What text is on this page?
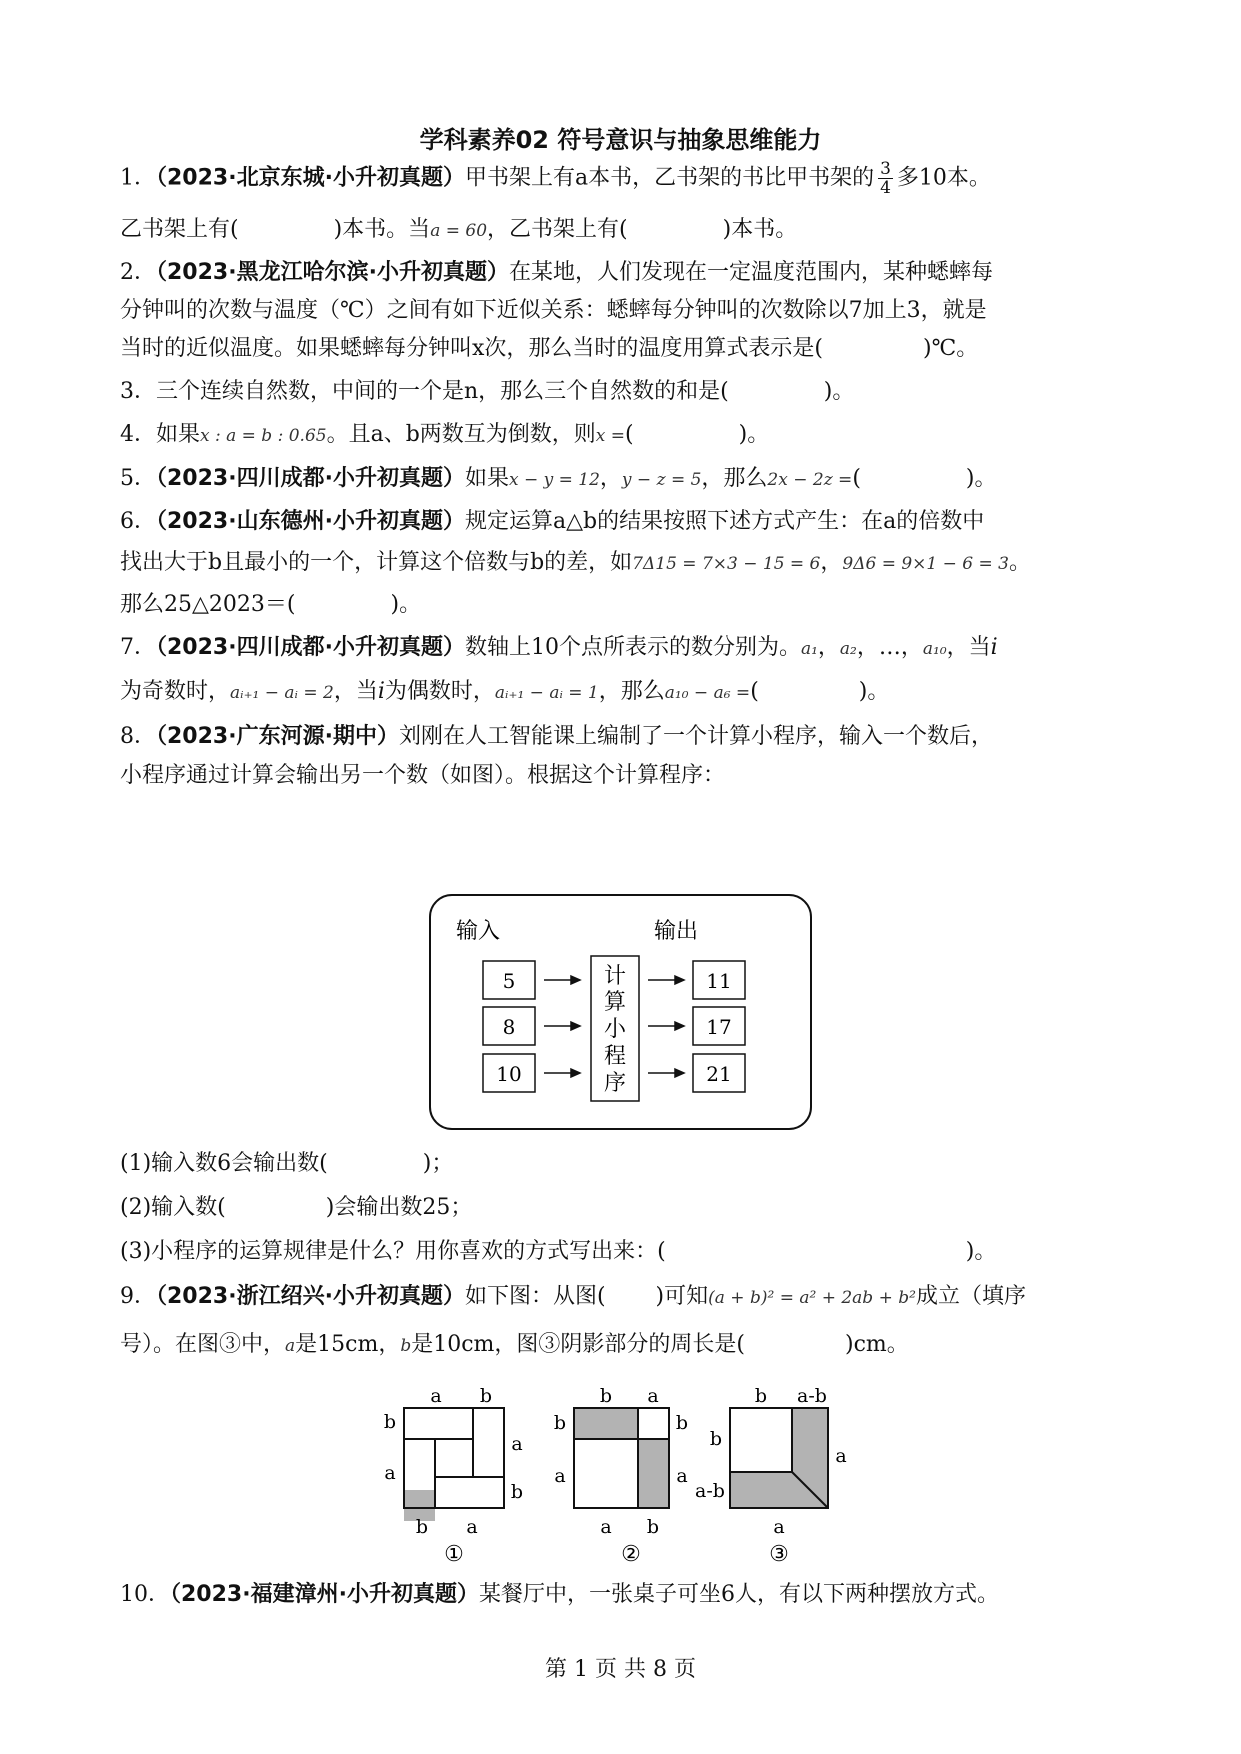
学科素养02 符号意识与抽象思维能力
1．（2023·北京东城·小升初真题）甲书架上有a本书，乙书架的书比甲书架的 $\frac{3}{4}$ 多10本。
乙书架上有(	)本书。当a = 60，乙书架上有(	)本书。
2．（2023·黑龙江哈尔滨·小升初真题）在某地，人们发现在一定温度范围内，某种蟋蟀每
分钟叫的次数与温度（℃）之间有如下近似关系：蟋蟀每分钟叫的次数除以7加上3，就是
当时的近似温度。如果蟋蟀每分钟叫x次，那么当时的温度用算式表示是(	)℃。
3．三个连续自然数，中间的一个是n，那么三个自然数的和是(	)。
4．如果x : a = b : 0.65。且a、b两数互为倒数，则x =(	)。
5．（2023·四川成都·小升初真题）如果x − y = 12，y − z = 5，那么2x − 2z =(	)。
6．（2023·山东德州·小升初真题）规定运算a△b的结果按照下述方式产生：在a的倍数中
找出大于b且最小的一个，计算这个倍数与b的差，如7Δ15 = 7×3 − 15 = 6，9Δ6 = 9×1 − 6 = 3。
那么25△2023＝(	)。
7．（2023·四川成都·小升初真题）数轴上10个点所表示的数分别为。a₁，a₂，…，a₁₀，当i
为奇数时，aᵢ₊₁ − aᵢ = 2，当i为偶数时，aᵢ₊₁ − aᵢ = 1，那么a₁₀ − a₆ =(	)。
8．（2023·广东河源·期中）刘刚在人工智能课上编制了一个计算小程序，输入一个数后，
小程序通过计算会输出另一个数（如图）。根据这个计算程序：
输入	输出
5
8
10
计
算
小
程
序
11
17
21
(1)输入数6会输出数(	)；
(2)输入数(	)会输出数25；
(3)小程序的运算规律是什么？用你喜欢的方式写出来：(	)。
9．（2023·浙江绍兴·小升初真题）如下图：从图( )可知(a + b)² = a² + 2ab + b²成立（填序
号）。在图③中，a是15cm，b是10cm，图③阴影部分的周长是(	)cm。
a b
b
a
a
b
b a
①
b a
b
a
b
a
a b
②
b a-b
b
a-b
a
a
③
10．（2023·福建漳州·小升初真题）某餐厅中，一张桌子可坐6人，有以下两种摆放方式。
第 1 页 共 8 页
